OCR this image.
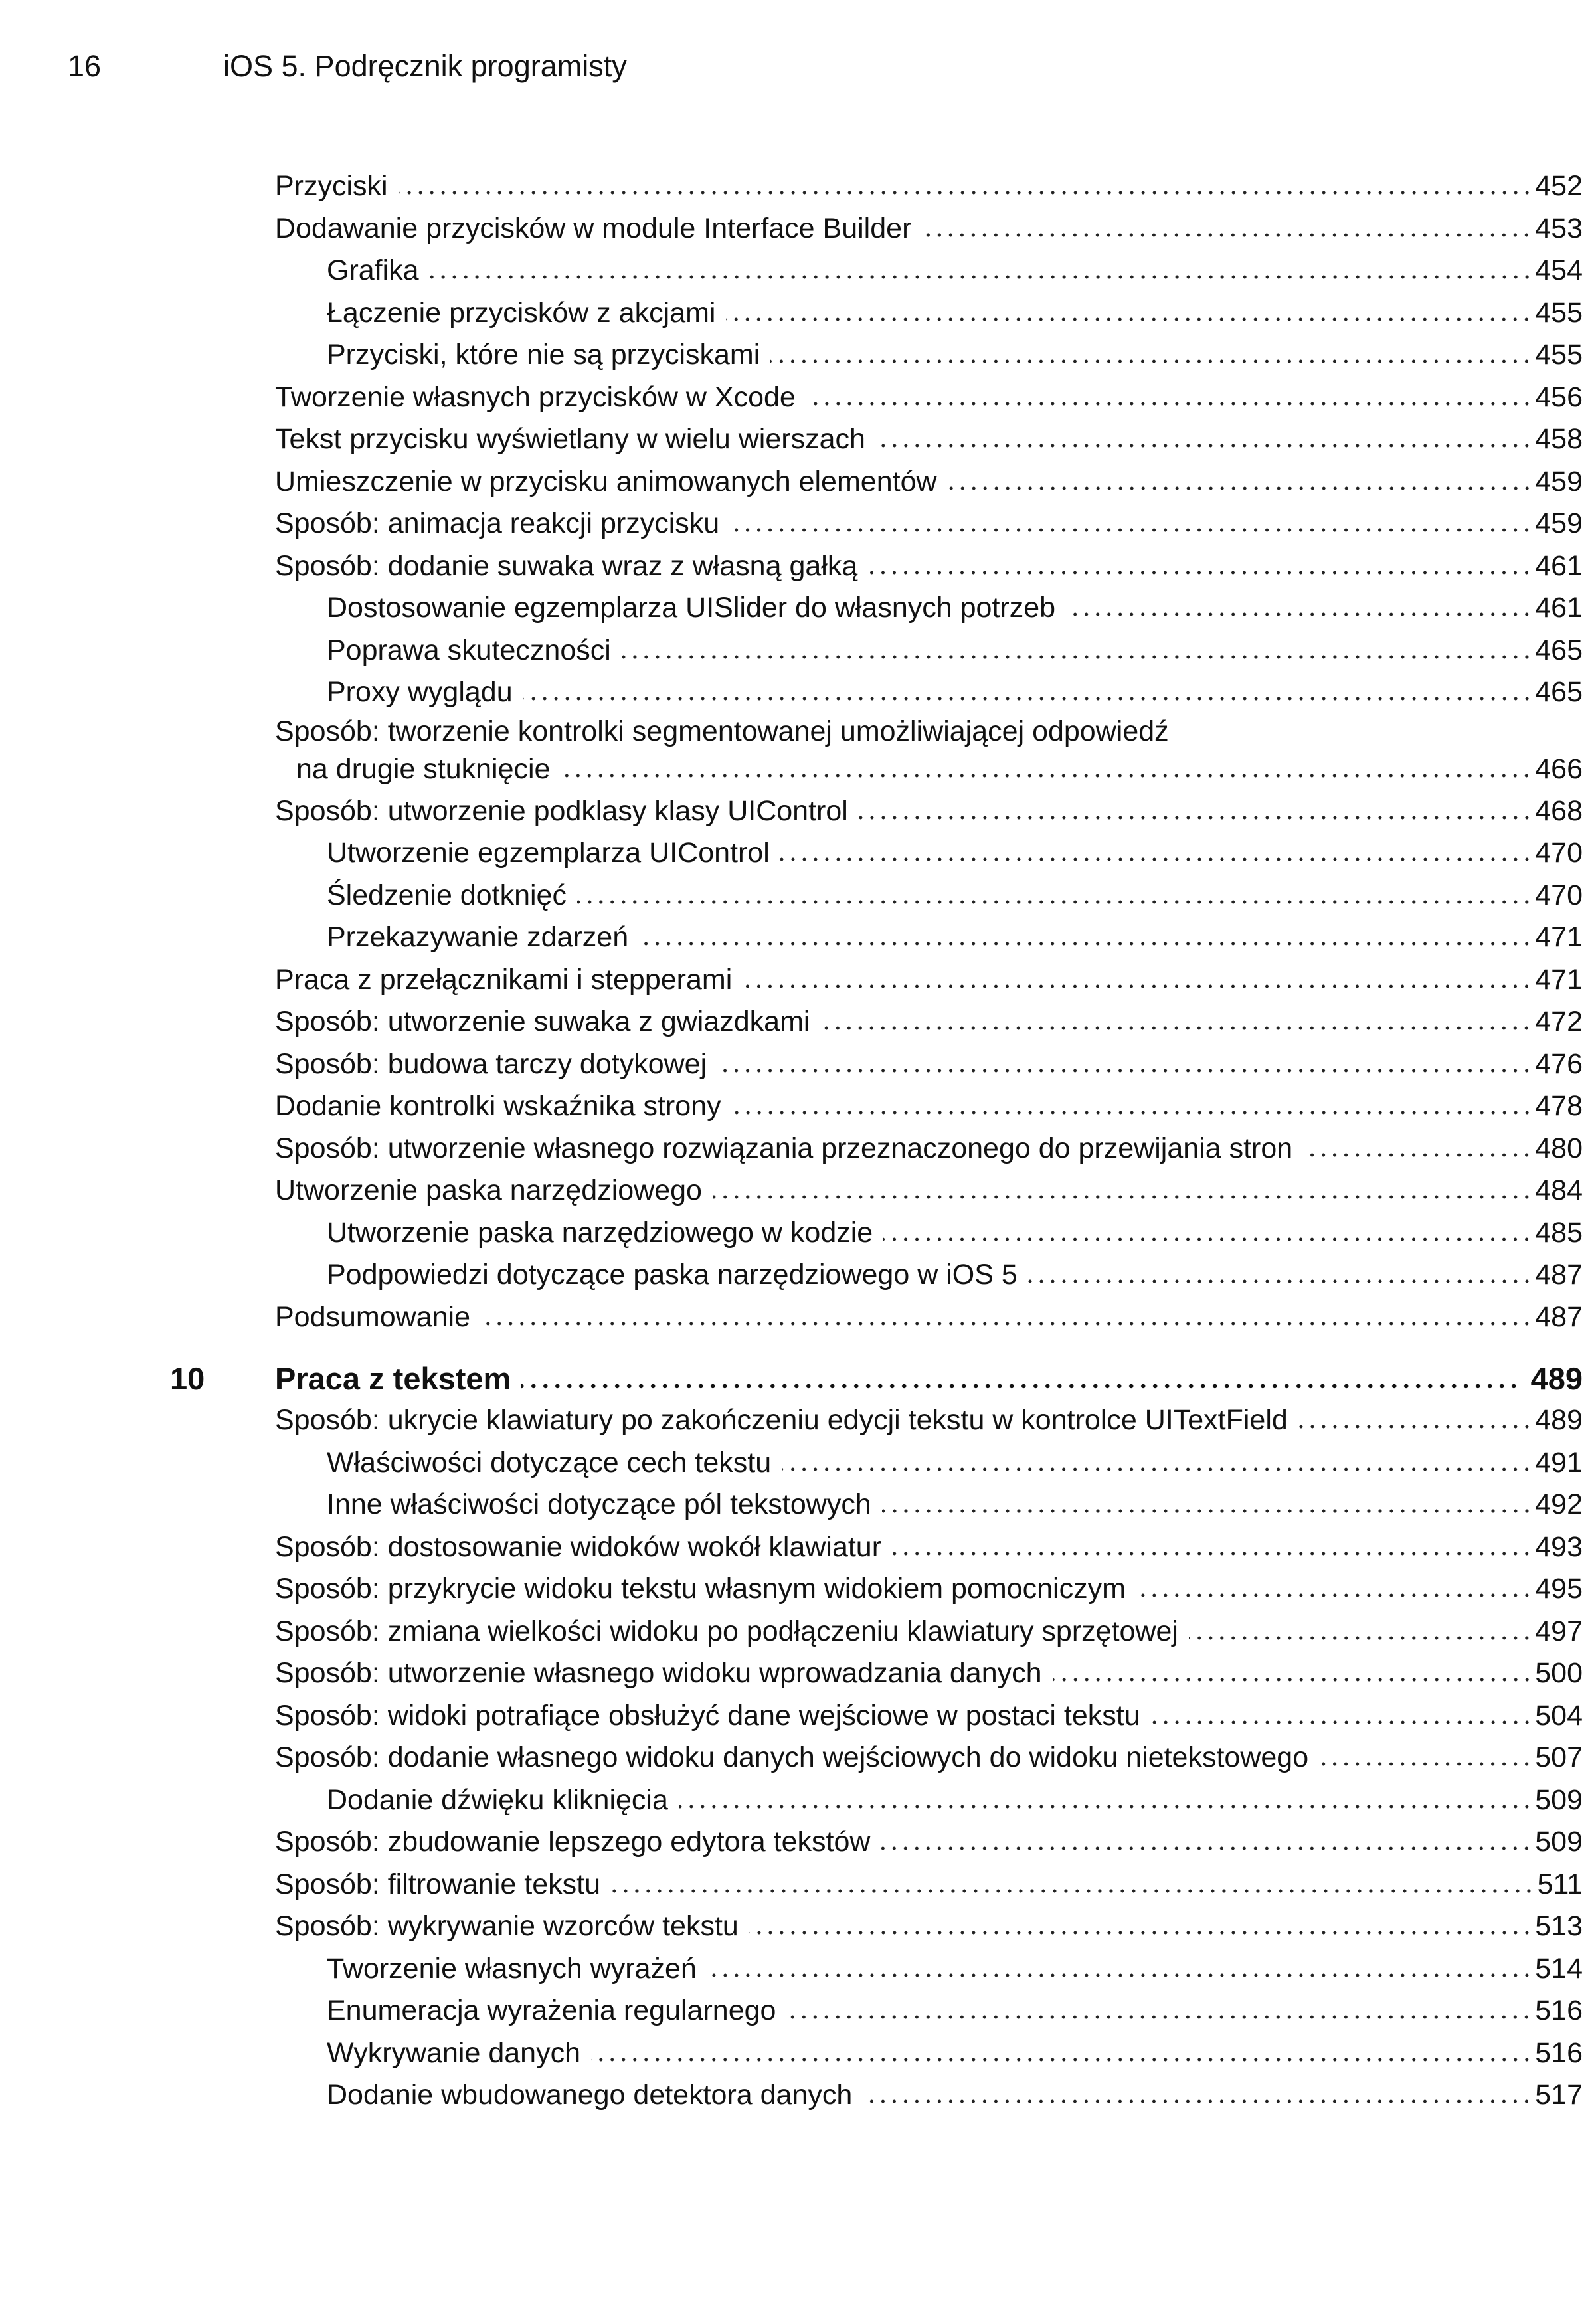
16	iOS 5. Podręcznik programisty
Przyciski	452
Dodawanie przycisków w module Interface Builder	453
Grafika	454
Łączenie przycisków z akcjami	455
Przyciski, które nie są przyciskami	455
Tworzenie własnych przycisków w Xcode	456
Tekst przycisku wyświetlany w wielu wierszach	458
Umieszczenie w przycisku animowanych elementów	459
Sposób: animacja reakcji przycisku	459
Sposób: dodanie suwaka wraz z własną gałką	461
Dostosowanie egzemplarza UISlider do własnych potrzeb	461
Poprawa skuteczności	465
Proxy wyglądu	465
Sposób: tworzenie kontrolki segmentowanej umożliwiającej odpowiedź
na drugie stuknięcie	466
Sposób: utworzenie podklasy klasy UIControl	468
Utworzenie egzemplarza UIControl	470
Śledzenie dotknięć	470
Przekazywanie zdarzeń	471
Praca z przełącznikami i stepperami	471
Sposób: utworzenie suwaka z gwiazdkami	472
Sposób: budowa tarczy dotykowej	476
Dodanie kontrolki wskaźnika strony	478
Sposób: utworzenie własnego rozwiązania przeznaczonego do przewijania stron	480
Utworzenie paska narzędziowego	484
Utworzenie paska narzędziowego w kodzie	485
Podpowiedzi dotyczące paska narzędziowego w iOS 5	487
Podsumowanie	487
10 Praca z tekstem	489
Sposób: ukrycie klawiatury po zakończeniu edycji tekstu w kontrolce UITextField	489
Właściwości dotyczące cech tekstu	491
Inne właściwości dotyczące pól tekstowych	492
Sposób: dostosowanie widoków wokół klawiatur	493
Sposób: przykrycie widoku tekstu własnym widokiem pomocniczym	495
Sposób: zmiana wielkości widoku po podłączeniu klawiatury sprzętowej	497
Sposób: utworzenie własnego widoku wprowadzania danych	500
Sposób: widoki potrafiące obsłużyć dane wejściowe w postaci tekstu	504
Sposób: dodanie własnego widoku danych wejściowych do widoku nietekstowego	507
Dodanie dźwięku kliknięcia	509
Sposób: zbudowanie lepszego edytora tekstów	509
Sposób: filtrowanie tekstu	511
Sposób: wykrywanie wzorców tekstu	513
Tworzenie własnych wyrażeń	514
Enumeracja wyrażenia regularnego	516
Wykrywanie danych	516
Dodanie wbudowanego detektora danych	517
